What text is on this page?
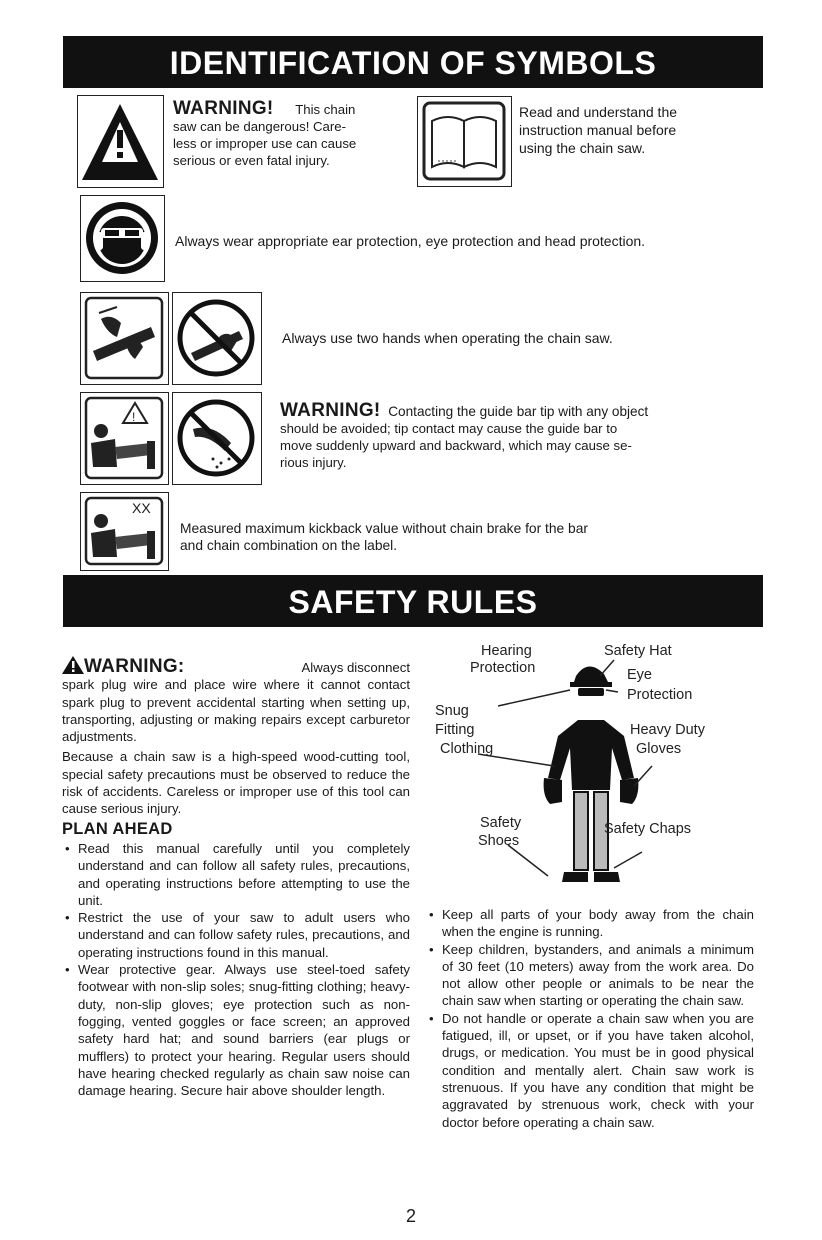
IDENTIFICATION OF SYMBOLS
SAFETY RULES
WARNING! This chain
saw can be dangerous! Care-
less or improper use can cause
serious or even fatal injury.
Read and understand the
instruction manual before
using the chain saw.
Always wear appropriate ear protection, eye protection and head protection.
Always use two hands when operating the chain saw.
!	WARNING! Contacting the guide bar tip with any object
should be avoided; tip contact may cause the guide bar to
move suddenly upward and backward, which may cause se-
rious injury.
XX
Measured maximum kickback value without chain brake for the bar
and chain combination on the label.

WARNING:	Always disconnect

spark plug wire and place wire where it cannot contact spark plug to prevent accidental starting when setting up, transporting, adjusting or making repairs except carburetor adjustments.

Because a chain saw is a high-speed wood-cutting tool, special safety precautions must be observed to reduce the risk of accidents. Careless or improper use of this tool can cause serious injury.

PLAN AHEAD
• Read this manual carefully until you completely understand and can follow all safety rules, precautions, and operating instructions before attempting to use the unit.
• Restrict the use of your saw to adult users who understand and can follow safety rules, precautions, and operating instructions found in this manual.
• Wear protective gear. Always use steel-toed safety footwear with non-slip soles; snug-fitting clothing; heavy-duty, non-slip gloves; eye protection such as non-fogging, vented goggles or face screen; an approved safety hard hat; and sound barriers (ear plugs or mufflers) to protect your hearing. Regular users should have hearing checked regularly as chain saw noise can damage hearing. Secure hair above shoulder length.
Hearing
Protection
Safety Hat
Eye
Protection
Snug
Fitting
Clothing
Heavy Duty
Gloves
Safety
Shoes
Safety Chaps
• Keep all parts of your body away from the chain when the engine is running.
• Keep children, bystanders, and animals a minimum of 30 feet (10 meters) away from the work area. Do not allow other people or animals to be near the chain saw when starting or operating the chain saw.
• Do not handle or operate a chain saw when you are fatigued, ill, or upset, or if you have taken alcohol, drugs, or medication. You must be in good physical condition and mentally alert. Chain saw work is strenuous. If you have any condition that might be aggravated by strenuous work, check with your doctor before operating a chain saw.
2
